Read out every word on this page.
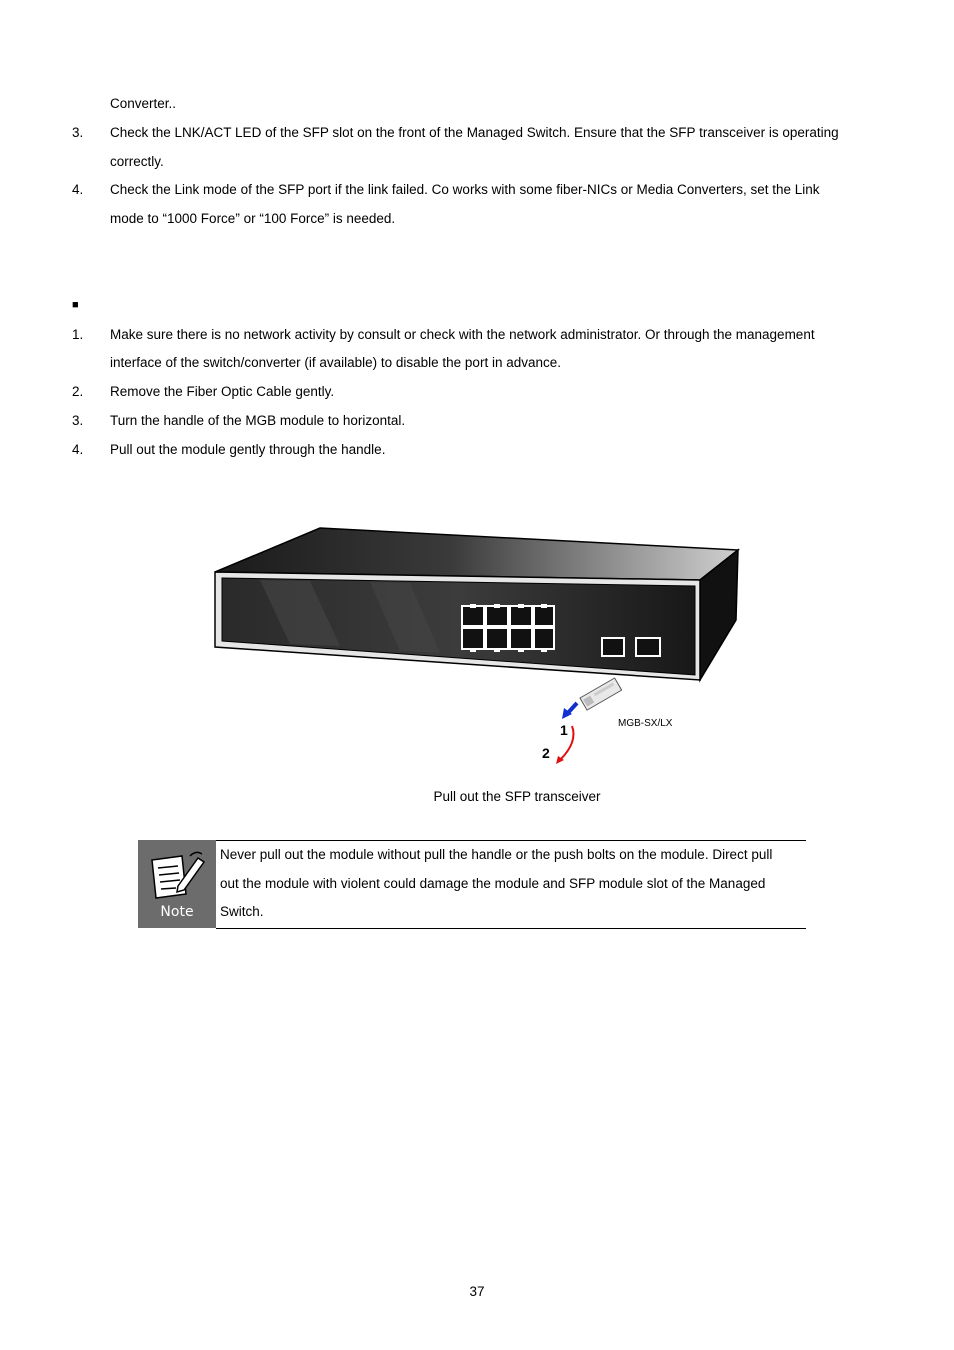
Converter..
3. Check the LNK/ACT LED of the SFP slot on the front of the Managed Switch. Ensure that the SFP transceiver is operating
correctly.
4. Check the Link mode of the SFP port if the link failed. Co works with some fiber-NICs or Media Converters, set the Link
mode to “1000 Force” or “100 Force” is needed.
■
1. Make sure there is no network activity by consult or check with the network administrator. Or through the management
interface of the switch/converter (if available) to disable the port in advance.
2. Remove the Fiber Optic Cable gently.
3. Turn the handle of the MGB module to horizontal.
4. Pull out the module gently through the handle.
1
2
MGB-SX/LX
Pull out the SFP transceiver
Note
Never pull out the module without pull the handle or the push bolts on the module. Direct pull
out the module with violent could damage the module and SFP module slot of the Managed
Switch.
37
